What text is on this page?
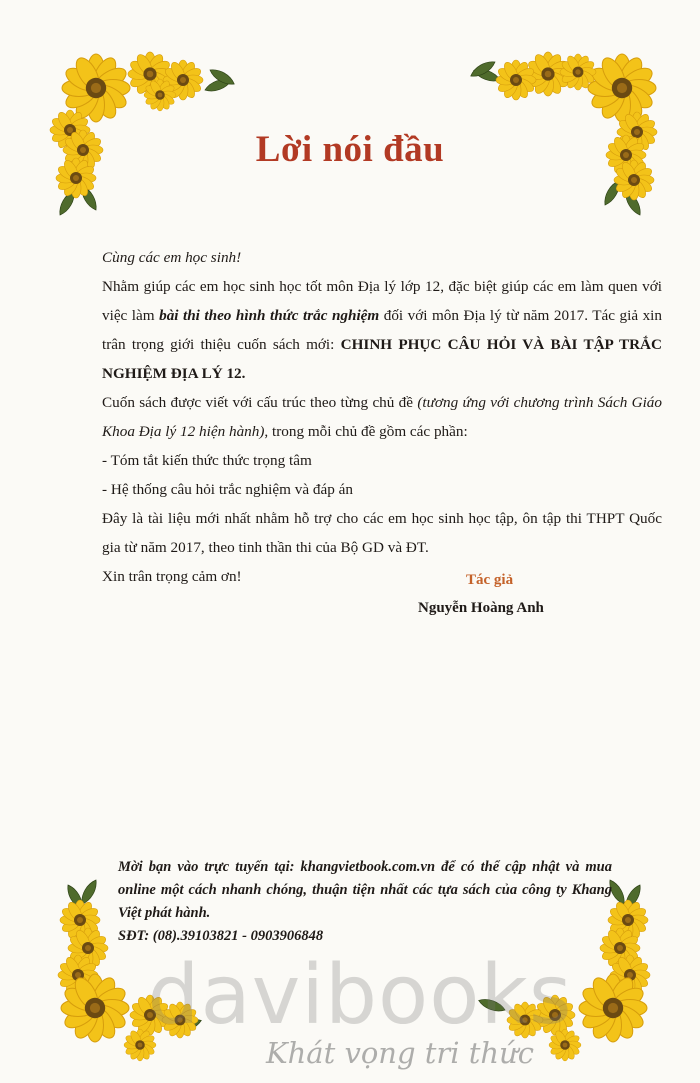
Lời nói đầu

Cùng các em học sinh!

Nhằm giúp các em học sinh học tốt môn Địa lý lớp 12, đặc biệt giúp các em làm quen với việc làm bài thi theo hình thức trắc nghiệm đối với môn Địa lý từ năm 2017. Tác giả xin trân trọng giới thiệu cuốn sách mới: CHINH PHỤC CÂU HỎI VÀ BÀI TẬP TRẮC NGHIỆM ĐỊA LÝ 12.

Cuốn sách được viết với cấu trúc theo từng chủ đề (tương ứng với chương trình Sách Giáo Khoa Địa lý 12 hiện hành), trong mỗi chủ đề gồm các phần:

- Tóm tắt kiến thức thức trọng tâm

- Hệ thống câu hỏi trắc nghiệm và đáp án

Đây là tài liệu mới nhất nhằm hỗ trợ cho các em học sinh học tập, ôn tập thi THPT Quốc gia từ năm 2017, theo tinh thần thi của Bộ GD và ĐT.

Xin trân trọng cảm ơn!	Tác giả
Nguyễn Hoàng Anh

Mời bạn vào trực tuyến tại: khangvietbook.com.vn để có thể cập nhật và mua online một cách nhanh chóng, thuận tiện nhất các tựa sách của công ty Khang Việt phát hành.

SĐT: (08).39103821 - 0903906848

davibooks
Khát vọng tri thức
